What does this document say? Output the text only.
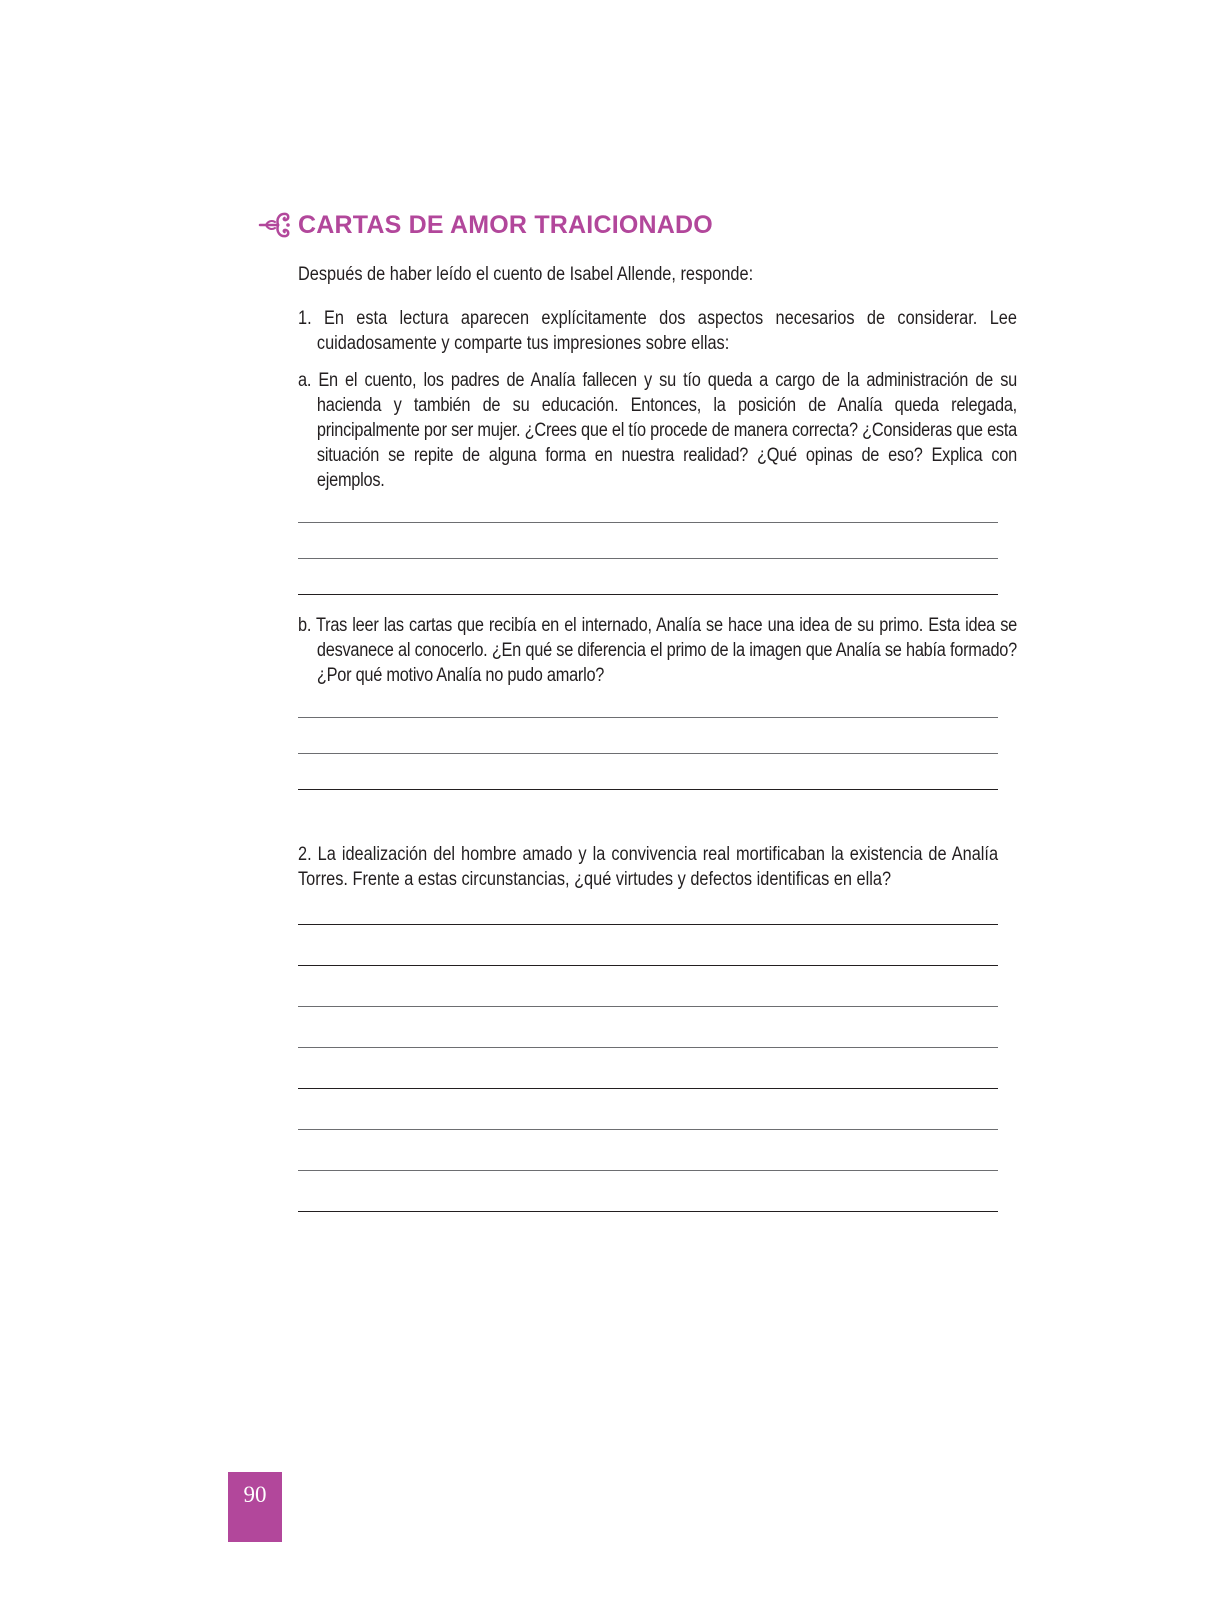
CARTAS DE AMOR TRAICIONADO
Después de haber leído el cuento de Isabel Allende, responde:
1. En esta lectura aparecen explícitamente dos aspectos necesarios de considerar. Lee cuidadosamente y comparte tus impresiones sobre ellas:
a. En el cuento, los padres de Analía fallecen y su tío queda a cargo de la administración de su hacienda y también de su educación. Entonces, la posición de Analía queda relegada, principalmente por ser mujer. ¿Crees que el tío procede de manera correcta? ¿Consideras que esta situación se repite de alguna forma en nuestra realidad? ¿Qué opinas de eso? Explica con ejemplos.
b. Tras leer las cartas que recibía en el internado, Analía se hace una idea de su primo. Esta idea se desvanece al conocerlo. ¿En qué se diferencia el primo de la imagen que Analía se había formado? ¿Por qué motivo Analía no pudo amarlo?
2. La idealización del hombre amado y la convivencia real mortificaban la existencia de Analía Torres. Frente a estas circunstancias, ¿qué virtudes y defectos identificas en ella?
90
